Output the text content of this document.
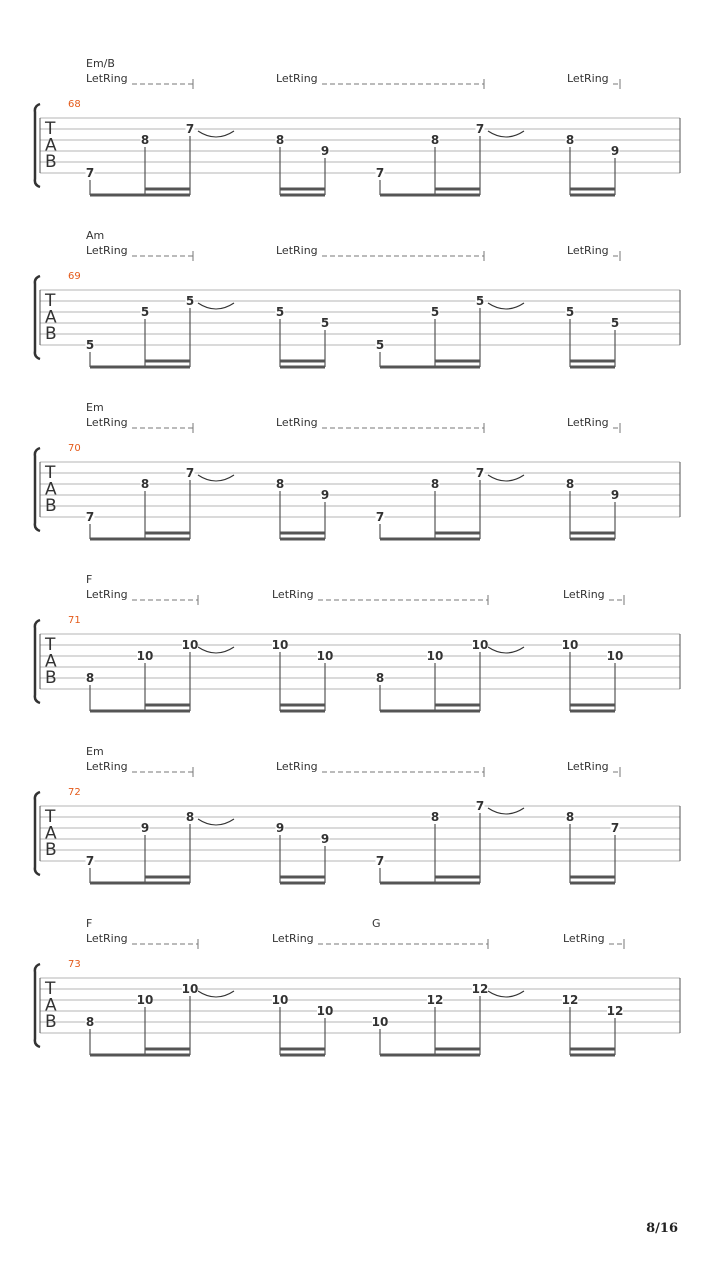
Em/B
LetRing	LetRing	LetRing
68
T
A
B
7
8
7
8
9
7
8
7
8
9
Am
LetRing	LetRing	LetRing
69
T
A
B
5
5
5
5
5
5
5
5
5
5
Em
LetRing	LetRing	LetRing
70
T
A
B
7
8
7
8
9
7
8
7
8
9
F
LetRing	LetRing	LetRing
71
T
A
B 8
10
10	10
10
8
10
10	10
10
Em
LetRing	LetRing	LetRing
72
T
A
B
7
9
8
9
9
7
8
7
8
7
F	G
LetRing	LetRing	LetRing
73
T
A
B 8
10
10
10
10
10
12
12
12
12
8/16
